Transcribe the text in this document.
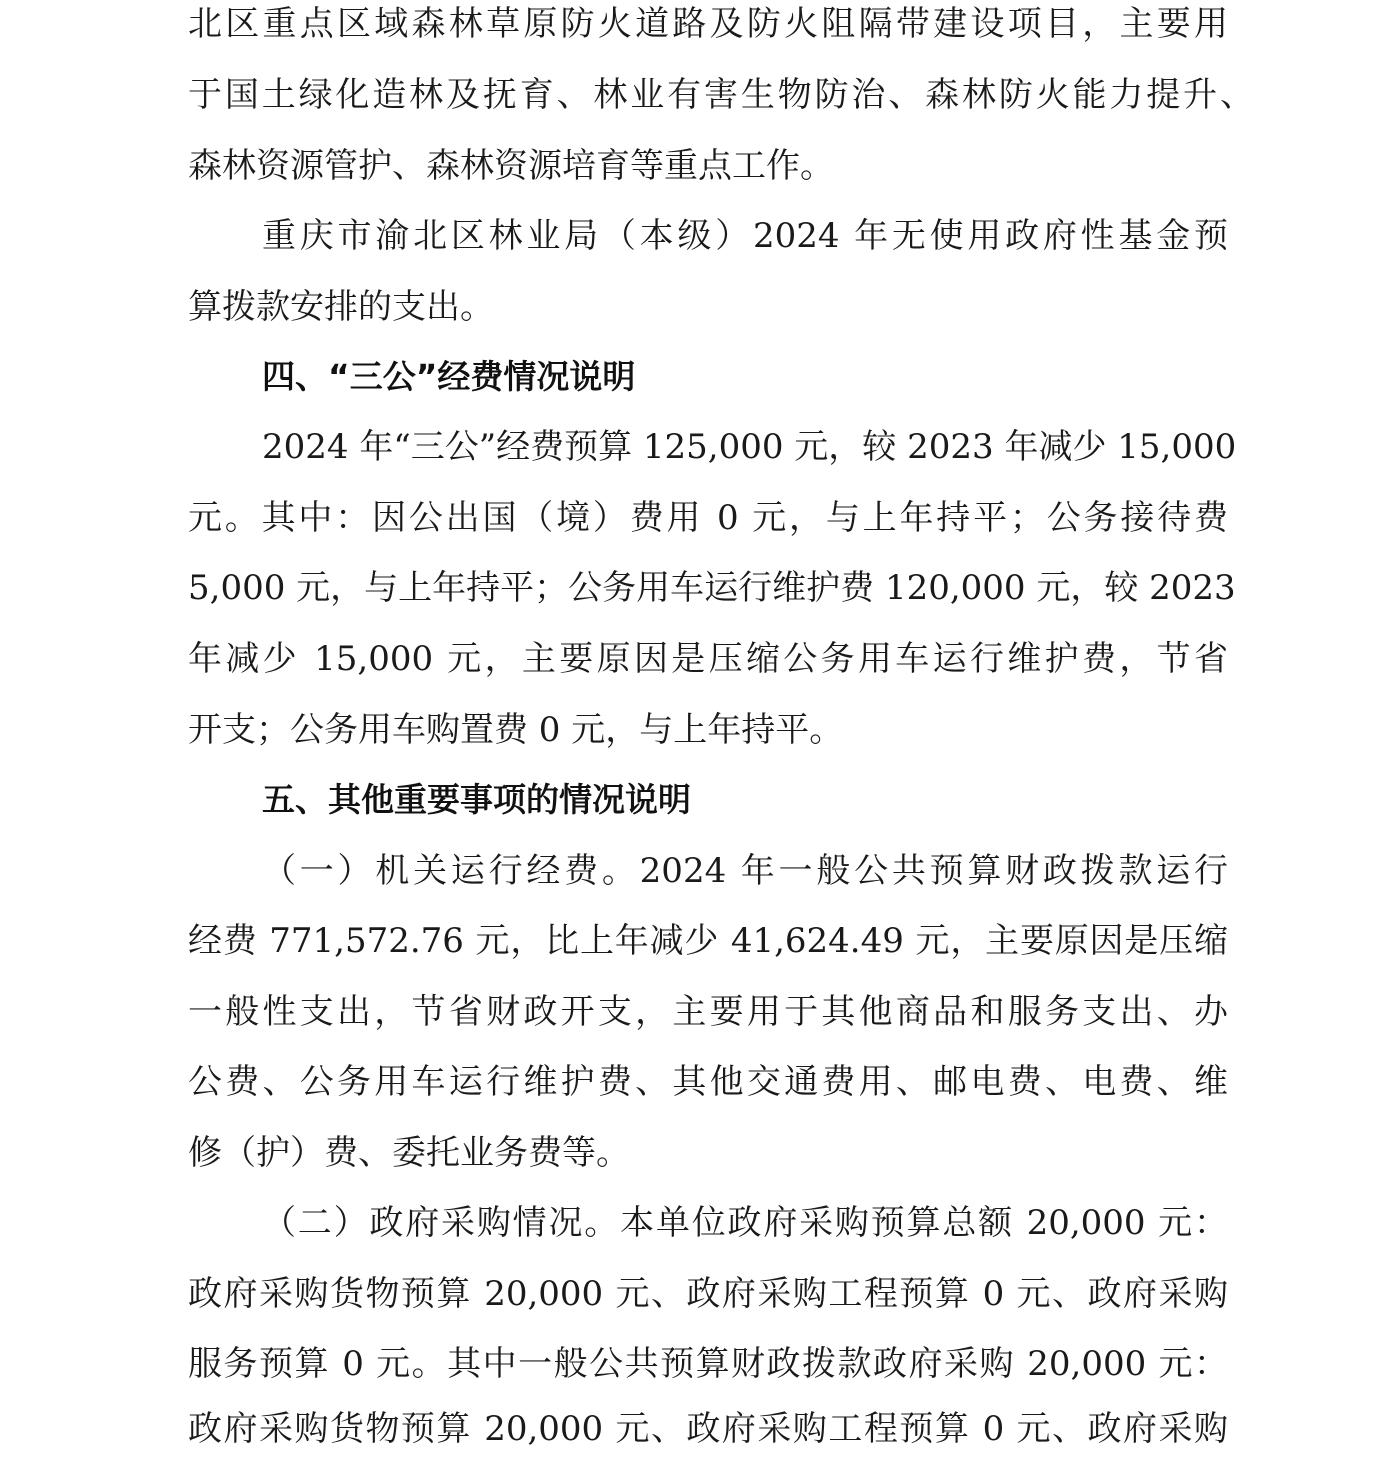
北区重点区域森林草原防火道路及防火阻隔带建设项目，主要用
于国土绿化造林及抚育、林业有害生物防治、森林防火能力提升、
森林资源管护、森林资源培育等重点工作。
重庆市渝北区林业局（本级）2024 年无使用政府性基金预
算拨款安排的支出。
四、“三公”经费情况说明
2024 年“三公”经费预算 125,000 元，较 2023 年减少 15,000
元。其中：因公出国（境）费用 0 元，与上年持平；公务接待费
5,000 元，与上年持平；公务用车运行维护费 120,000 元，较 2023
年减少 15,000 元，主要原因是压缩公务用车运行维护费，节省
开支；公务用车购置费 0 元，与上年持平。
五、其他重要事项的情况说明
（一）机关运行经费。2024 年一般公共预算财政拨款运行
经费 771,572.76 元，比上年减少 41,624.49 元，主要原因是压缩
一般性支出，节省财政开支，主要用于其他商品和服务支出、办
公费、公务用车运行维护费、其他交通费用、邮电费、电费、维
修（护）费、委托业务费等。
（二）政府采购情况。本单位政府采购预算总额 20,000 元：
政府采购货物预算 20,000 元、政府采购工程预算 0 元、政府采购
服务预算 0 元。其中一般公共预算财政拨款政府采购 20,000 元：
政府采购货物预算 20,000 元、政府采购工程预算 0 元、政府采购
